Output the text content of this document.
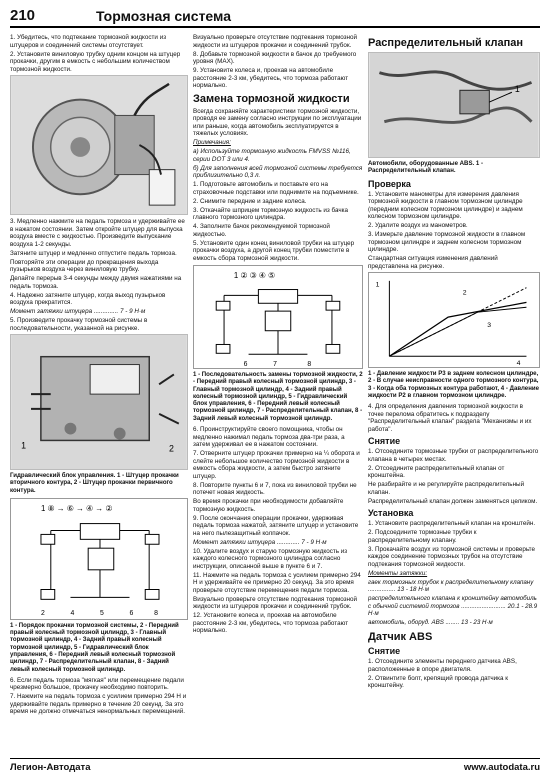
210	Тормозная система

1. Убедитесь, что подтекание тормозной жидкости из штуцеров и соединений системы отсутствует.

2. Установите виниловую трубку одним концом на штуцер прокачки, другим в емкость с небольшим количеством тормозной жидкости.

3. Медленно нажмите на педаль тормоза и удерживайте ее в нажатом состоянии. Затем откройте штуцер для выпуска воздуха вместе с жидкостью. Произведите выпускание воздуха 1-2 секунды.

Затяните штуцер и медленно отпустите педаль тормоза.

Повторяйте эти операции до прекращения выхода пузырьков воздуха через виниловую трубку.

Делайте перерыв 3-4 секунды между двумя нажатиями на педаль тормоза.

4. Надежно затяните штуцер, когда выход пузырьков воздуха прекратится.

Момент затяжки штуцера .............. 7 - 9 Н·м

5. Произведите прокачку тормозной системы в последовательности, указанной на рисунке.

1	2
Гидравлический блок управления. 1 - Штуцер прокачки вторичного контура, 2 - Штуцер прокачки первичного контура.
1 ⑧ → ⑥ → ④ → ②
2	4	5	6	8
1 - Порядок прокачки тормозной системы, 2 - Передний правый колесный тормозной цилиндр, 3 - Главный тормозной цилиндр, 4 - Задний правый колесный тормозной цилиндр, 5 - Гидравлический блок управления, 6 - Передний левый колесный тормозной цилиндр, 7 - Распределительный клапан, 8 - Задний левый колесный тормозной цилиндр.

6. Если педаль тормоза "мягкая" или перемещение педали чрезмерно большое, прокачку необходимо повторить.

7. Нажмите на педаль тормоза с усилием примерно 294 Н и удерживайте педаль примерно в течение 20 секунд. За это время не должно отмечаться ненормальных перемещений.

Визуально проверьте отсутствие подтекания тормозной жидкости из штуцеров прокачки и соединений трубок.

8. Добавьте тормозной жидкости в бачок до требуемого уровня (MAX).

9. Установите колеса и, проехав на автомобиле расстояние 2-3 км, убедитесь, что тормоза работают нормально.

Замена тормозной жидкости

Всегда сохраняйте характеристики тормозной жидкости, проводя ее замену согласно инструкции по эксплуатации или раньше, когда автомобиль эксплуатируется в тяжелых условиях.

Примечания:

а) Используйте тормозную жидкость FMVSS №116, серии DOT 3 или 4.

б) Для заполнения всей тормозной системы требуется приблизительно 0,3 л.

1. Подготовьте автомобиль и поставьте его на страховочные подставки или поднимите на подъемнике.

2. Снимите передние и задние колеса.

3. Откачайте шприцем тормозную жидкость из бачка главного тормозного цилиндра.

4. Заполните бачок рекомендуемой тормозной жидкостью.

5. Установите один конец виниловой трубки на штуцер прокачки воздуха, а другой конец трубки поместите в емкость сбора тормозной жидкости.

1 ② ③ ④ ⑤
6	7	8
1 - Последовательность замены тормозной жидкости, 2 - Передний правый колесный тормозной цилиндр, 3 - Главный тормозной цилиндр, 4 - Задний правый колесный тормозной цилиндр, 5 - Гидравлический блок управления, 6 - Передний левый колесный тормозной цилиндр, 7 - Распределительный клапан, 8 - Задний левый колесный тормозной цилиндр.

6. Проинструктируйте своего помощника, чтобы он медленно нажимал педаль тормоза два-три раза, а затем удерживал ее в нажатом состоянии.

7. Отверните штуцер прокачки примерно на ¼ оборота и слейте небольшое количество тормозной жидкости в емкость сбора жидкости, а затем быстро затяните штуцер.

8. Повторите пункты 6 и 7, пока из виниловой трубки не потечет новая жидкость.

Во время прокачки при необходимости добавляйте тормозную жидкость.

9. После окончания операции прокачки, удерживая педаль тормоза нажатой, затяните штуцер и установите на него пылезащитный колпачок.

Момент затяжки штуцера ............. 7 - 9 Н·м

10. Удалите воздух и старую тормозную жидкость из каждого колесного тормозного цилиндра согласно инструкции, описанной выше в пункте 6 и 7.

11. Нажмите на педаль тормоза с усилием примерно 294 Н и удерживайте ее примерно 20 секунд. За это время проверьте отсутствие перемещения педали тормоза.

Визуально проверьте отсутствие подтекания тормозной жидкости из штуцеров прокачки и соединений трубок.

12. Установите колеса и, проехав на автомобиле расстояние 2-3 км, убедитесь, что тормоза работают нормально.

Распределительный клапан
1
Автомобили, оборудованные ABS. 1 - Распределительный клапан.
Проверка

1. Установите манометры для измерения давления тормозной жидкости в главном тормозном цилиндре (передним колесном тормозном цилиндре) и заднем колесном тормозном цилиндре.

2. Удалите воздух из манометров.

3. Измерьте давление тормозной жидкости в главном тормозном цилиндре и заднем колесном тормозном цилиндре.

Стандартная ситуация изменения давлений представлена на рисунке.

1
2
3
4
1 - Давление жидкости P3 в заднем колесном цилиндре, 2 - В случае неисправности одного тормозного контура, 3 - Когда оба тормозных контура работают, 4 - Давление жидкости P2 в главном тормозном цилиндре.

4. Для определения давления тормозной жидкости в точке перелома обратитесь к подразделу "Распределительный клапан" раздела "Механизмы и их работа".

Снятие

1. Отсоедините тормозные трубки от распределительного клапана в четырех местах.

2. Отсоедините распределительный клапан от кронштейна.

Не разбирайте и не регулируйте распределительный клапан.

Распределительный клапан должен заменяться целиком.

Установка

1. Установите распределительный клапан на кронштейн.

2. Подсоедините тормозные трубки к распределительному клапану.

3. Прокачайте воздух из тормозной системы и проверьте каждое соединение тормозных трубок на отсутствие подтекания тормозной жидкости.

Моменты затяжки:

гаек тормозных трубок к распределительному клапану ................ 13 - 18 Н·м

распределительного клапана к кронштейну автомобиль с обычной системой тормозов .......................... 20.1 - 28.9 Н·м

автомобиль, оборуд. ABS ........ 13 - 23 Н·м

Датчик ABS
Снятие

1. Отсоедините элементы переднего датчика ABS, расположенные в опоре двигателя.

2. Отвинтите болт, крепящий провода датчика к кронштейну.

Легион-Автодата	www.autodata.ru
